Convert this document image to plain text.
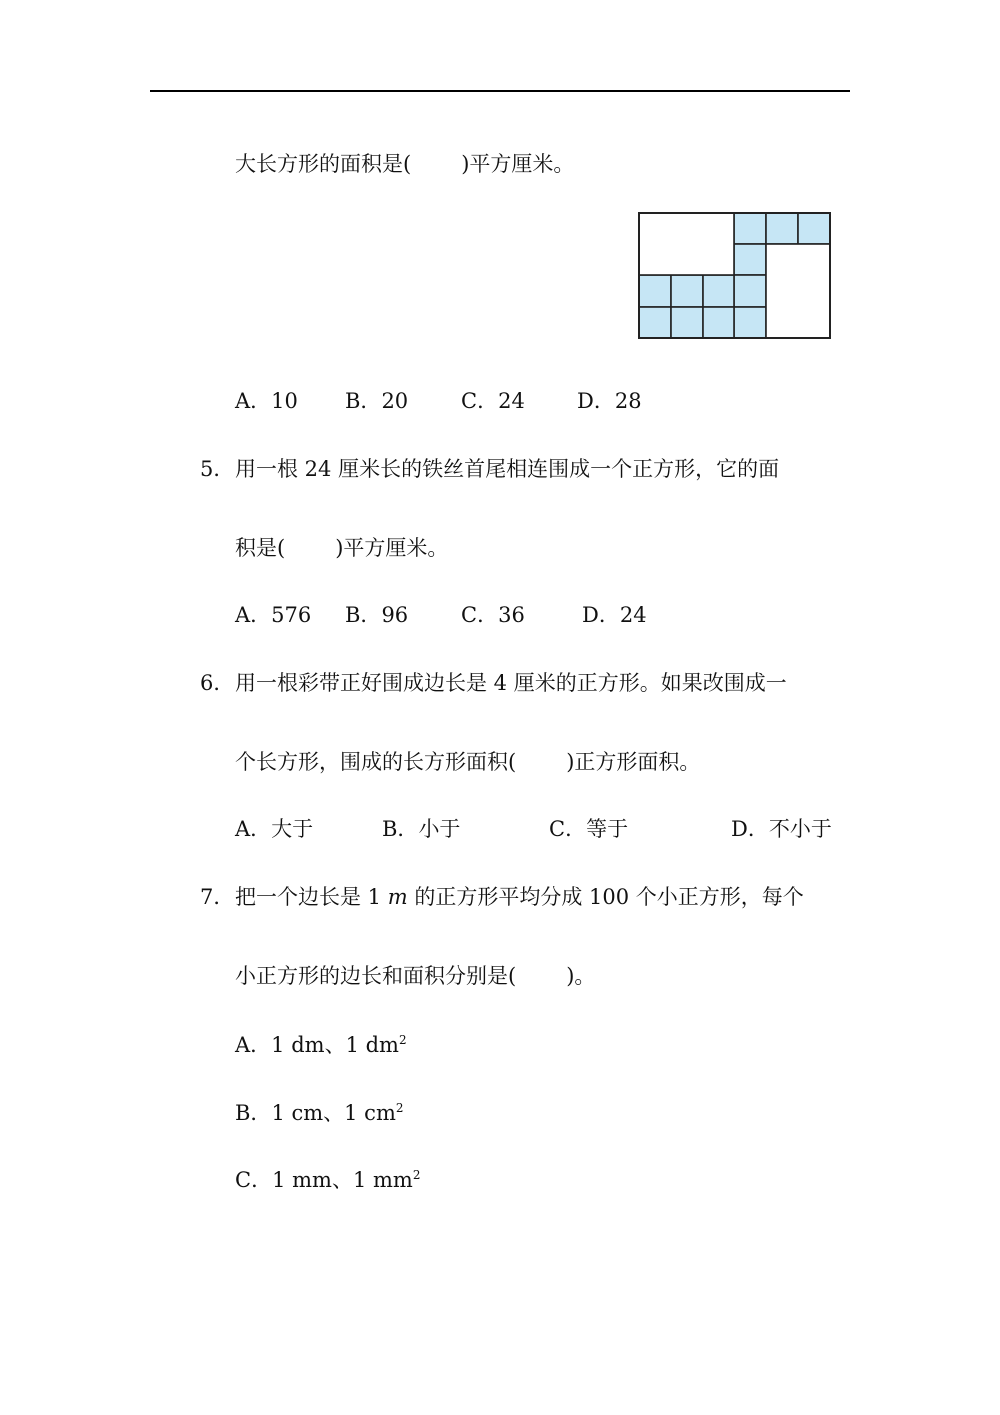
大长方形的面积是( )平方厘米。
A．10 B．20	C．24 D．28
5． 用一根 24 厘米长的铁丝首尾相连围成一个正方形，它的面
积是( )平方厘米。
A．576 B．96	C．36	D．24
6． 用一根彩带正好围成边长是 4 厘米的正方形。如果改围成一
个长方形，围成的长方形面积( )正方形面积。
A．大于	B．小于	C．等于	D．不小于
7． 把一个边长是 1 m 的正方形平均分成 100 个小正方形，每个
小正方形的边长和面积分别是( )。
A．1 dm、1 $dm^2$
B．1 cm、1 $cm^2$
C．1 mm、1 $mm^2$
